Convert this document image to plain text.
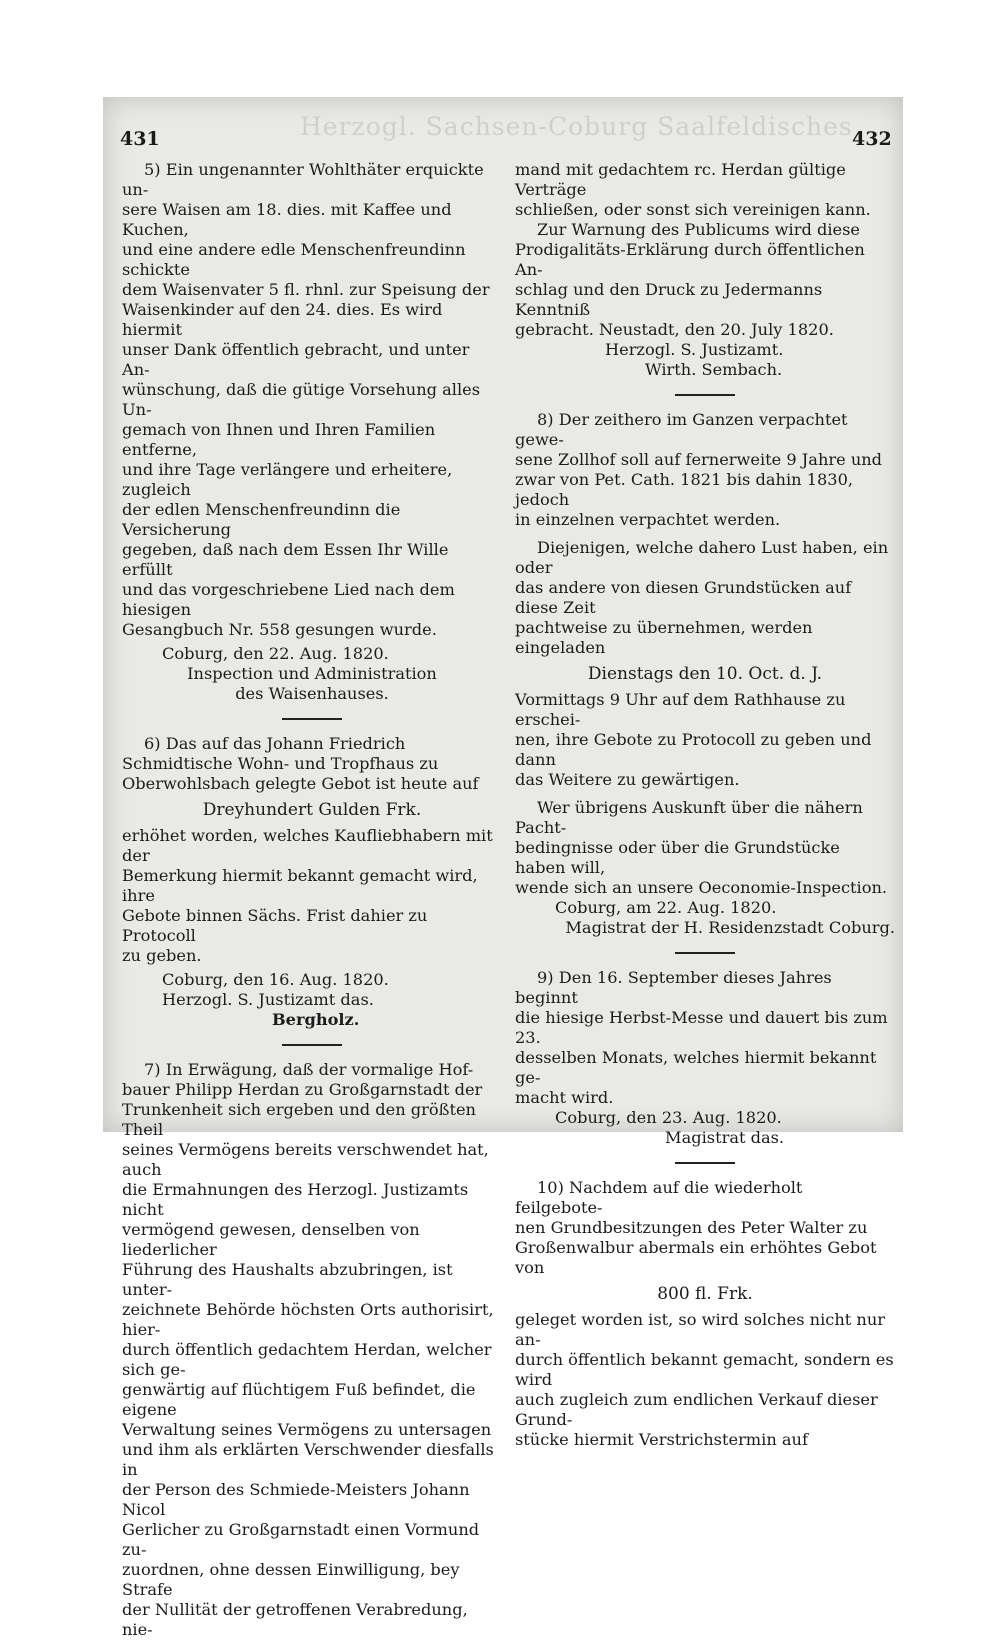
Herzogl. Sachsen-Coburg Saalfeldisches
431	432

5) Ein ungenannter Wohlthäter erquickte un-

sere Waisen am 18. dies. mit Kaffee und Kuchen,

und eine andere edle Menschenfreundinn schickte

dem Waisenvater 5 fl. rhnl. zur Speisung der

Waisenkinder auf den 24. dies. Es wird hiermit

unser Dank öffentlich gebracht, und unter An-

wünschung, daß die gütige Vorsehung alles Un-

gemach von Ihnen und Ihren Familien entferne,

und ihre Tage verlängere und erheitere, zugleich

der edlen Menschenfreundinn die Versicherung

gegeben, daß nach dem Essen Ihr Wille erfüllt

und das vorgeschriebene Lied nach dem hiesigen

Gesangbuch Nr. 558 gesungen wurde.

Coburg, den 22. Aug. 1820.

Inspection und Administration

des Waisenhauses.

6) Das auf das Johann Friedrich

Schmidtische Wohn- und Tropfhaus zu

Oberwohlsbach gelegte Gebot ist heute auf

Dreyhundert Gulden Frk.

erhöhet worden, welches Kaufliebhabern mit der

Bemerkung hiermit bekannt gemacht wird, ihre

Gebote binnen Sächs. Frist dahier zu Protocoll

zu geben.

Coburg, den 16. Aug. 1820.

Herzogl. S. Justizamt das.

Bergholz.

7) In Erwägung, daß der vormalige Hof-

bauer Philipp Herdan zu Großgarnstadt der

Trunkenheit sich ergeben und den größten Theil

seines Vermögens bereits verschwendet hat, auch

die Ermahnungen des Herzogl. Justizamts nicht

vermögend gewesen, denselben von liederlicher

Führung des Haushalts abzubringen, ist unter-

zeichnete Behörde höchsten Orts authorisirt, hier-

durch öffentlich gedachtem Herdan, welcher sich ge-

genwärtig auf flüchtigem Fuß befindet, die eigene

Verwaltung seines Vermögens zu untersagen

und ihm als erklärten Verschwender diesfalls in

der Person des Schmiede-Meisters Johann Nicol

Gerlicher zu Großgarnstadt einen Vormund zu-

zuordnen, ohne dessen Einwilligung, bey Strafe

der Nullität der getroffenen Verabredung, nie-

mand mit gedachtem rc. Herdan gültige Verträge

schließen, oder sonst sich vereinigen kann.

Zur Warnung des Publicums wird diese

Prodigalitäts-Erklärung durch öffentlichen An-

schlag und den Druck zu Jedermanns Kenntniß

gebracht. Neustadt, den 20. July 1820.

Herzogl. S. Justizamt.

Wirth. Sembach.

8) Der zeithero im Ganzen verpachtet gewe-

sene Zollhof soll auf fernerweite 9 Jahre und

zwar von Pet. Cath. 1821 bis dahin 1830, jedoch

in einzelnen verpachtet werden.

Diejenigen, welche dahero Lust haben, ein oder

das andere von diesen Grundstücken auf diese Zeit

pachtweise zu übernehmen, werden eingeladen

Dienstags den 10. Oct. d. J.

Vormittags 9 Uhr auf dem Rathhause zu erschei-

nen, ihre Gebote zu Protocoll zu geben und dann

das Weitere zu gewärtigen.

Wer übrigens Auskunft über die nähern Pacht-

bedingnisse oder über die Grundstücke haben will,

wende sich an unsere Oeconomie-Inspection.

Coburg, am 22. Aug. 1820.

Magistrat der H. Residenzstadt Coburg.

9) Den 16. September dieses Jahres beginnt

die hiesige Herbst-Messe und dauert bis zum 23.

desselben Monats, welches hiermit bekannt ge-

macht wird.

Coburg, den 23. Aug. 1820.

Magistrat das.

10) Nachdem auf die wiederholt feilgebote-

nen Grundbesitzungen des Peter Walter zu

Großenwalbur abermals ein erhöhtes Gebot von

800 fl. Frk.

geleget worden ist, so wird solches nicht nur an-

durch öffentlich bekannt gemacht, sondern es wird

auch zugleich zum endlichen Verkauf dieser Grund-

stücke hiermit Verstrichstermin auf
